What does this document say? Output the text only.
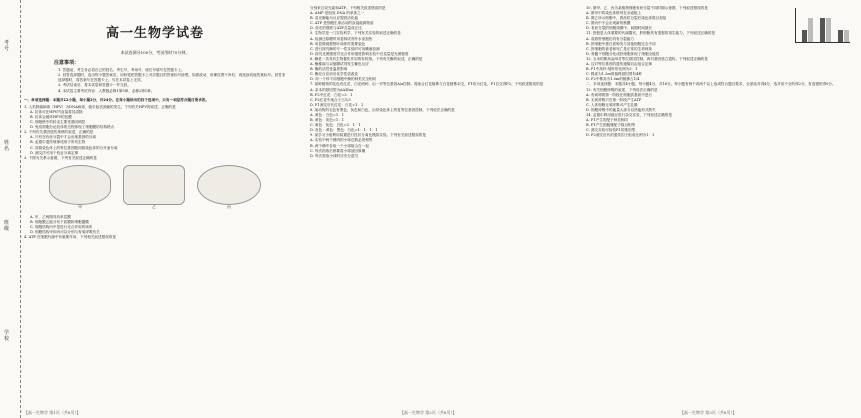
考号
姓名
班级
学校
高一生物学试卷
本试卷满分100分，考试用时75分钟。
注意事项：

1. 答题前，考生务必将自己的姓名、考生号、考场号、座位号填写在答题卡上。

2. 回答选择题时，选出每小题答案后，用铅笔把答题卡上对应题目的答案标号涂黑。如需改动，用橡皮擦干净后，再选涂其他答案标号。回答非选择题时，将答案写在答题卡上。写在本试卷上无效。

3. 考试结束后，将本试卷和答题卡一并交回。

4. 本试卷主要考试内容：人教版必修1第5章、必修2第1章。

一、单项选择题：本题共12小题，每小题2分，共24分。在每小题给出的四个选项中，只有一项是符合题目要求的。

1. 人类肿瘤病毒（HPV）为DNA病毒，能引起宫颈癌的发生。下列有关HPV的叙述，正确的是

A. 抗体可在HPV内直接将其清除

B. 抗体会破坏HPV的包膜

C. 细胞核中的转录主要受基因调控

D. 免疫细胞分泌抗体的过程体现了细胞膜的结构特点

2. 下列有关基因遗传规律的叙述，正确的是

A. 只有在有丝分裂中才会出现基因的分离

B. 孟德尔遗传规律适用于所有生物

C. 同源染色体上的等位基因随同源染色体的分开而分离

D. 测交法可用于验证分离定律

3. 下图为关系示意图，下列有关叙述正确的是

甲	乙	丙

A. 甲、乙两图具有单层膜

B. 细胞膜乙能分布于质膜和细胞器膜

C. 细胞结构丙中是进行光合作用的场所

D. 细胞结构甲和丙可以分别与有氧呼吸有关

4. ATP 在细胞代谢中有重要作用，下列相关叙述错误的是

【高一生物学 第1页（共6页）】

分别来自荧光素和ATP。下列相关叙述错误的是

A. AMP 是组成 DNA 的单体之一

B. 荧光酶能为反应提供活化能

C. ATP 是细胞生命活动的直接能源物质

D. 荧光的强度与ATP含量成正比

5. 生物学是一门实验科学，下列有关实验的叙述正确的是

A. 检测还原糖时用斐林试剂并水浴加热

B. 用显微镜观察叶绿体时需要染色

C. 进行探究酶的专一性实验时可用碘液检测

D. 探究光照强度对光合作用强度影响实验中自变量是光照强度

6. 酶是一类具有生物催化作用的有机物。下列有关酶的叙述，正确的是

A. 酶都能与双缩脲试剂发生紫色反应

B. 酶的活性受温度影响

C. 酶在反应前后化学性质改变

D. 同一个体不同细胞中酶的种类完全相同

7. 某种植物的花色有红花、白花两种，由一对等位基因A/a控制。将纯合红花植株与白花植株杂交，F1均为红花，F1自交得F2。下列叙述错误的是

A. 亲本的基因型为AA和aa

B. F2中红花：白花=3：1

C. F2红花中纯合子占1/3

D. F1测交后代红花：白花=1：1

8. 某动物的毛色有黑色、灰色和白色，由常染色体上的复等位基因控制。下列说法正确的是

A. 黄色：白色=1：1

B. 黄色：灰色=1：1

C. 黄色：灰色：白色=2：1：1

D. 灰色：黄色：黑色：白色=1：1：1：1

9. 某学习小组利用装置进行性状分离比模拟实验。下列有关叙述错误的是

A. 实验中两个桶内的小球总数必须相等

B. 两个桶中各取一个小球组合在一起

C. 每次抓取后都要将小球放回原桶

D. 每次抓取小球时应充分混匀

【高一生物学 第2页（共6页）】

10. 图甲、乙、丙为某植物细胞有丝分裂不同时期示意图，下列叙述错误的是

A. 图甲中的染色体排列在赤道板上

B. 图乙所示细胞中，着丝粒分裂后染色体数目加倍

C. 图丙中不会出现新的核膜

D. 有丝分裂的细胞周期中，间期时间最长

11. 肝脏是人体重要的代谢器官，肝细胞具有很强的再生能力。下列叙述正确的是

A. 成熟肝细胞仍具有分裂能力

B. 肝细胞中蛋白质种类与其他细胞完全不同

C. 肝细胞的衰老和死亡是正常的生命现象

D. 骨髓干细胞分化成肝细胞体现了细胞全能性

12. 玉米的株高由两对等位基因控制，两对基因独立遗传。下列叙述正确的是

A. 这对等位基因的遗传遵循自由组合定律

B. F1中高秆:矮秆的比例为3：1

C. 株高为1.2m的植株基因型有4种

D. F2中株高为1.0m的植株占1/4

二、多项选择题：本题共4小题，每小题4分，共16分。每小题有两个或两个以上选项符合题目要求，全部选对得4分，选对但不全的得2分，有选错的得0分。

13. 有关细胞呼吸的叙述，下列说法正确的是

A. 有氧呼吸第一阶段在细胞质基质中进行

B. 无氧呼吸只在第一阶段产生ATP

C. 人体细胞无氧呼吸可产生乳酸

D. 细胞呼吸中的能量大部分以热能形式散失

14. 孟德尔利用豌豆进行杂交实验，下列叙述正确的是

A. F1产生的配子种类相同

B. F1产生的雌雄配子数目相等

C. 测交实验可检验F1的基因型

D. F2测交后代的遗传因子组成比例为1：1

【高一生物学 第3页（共6页）】
